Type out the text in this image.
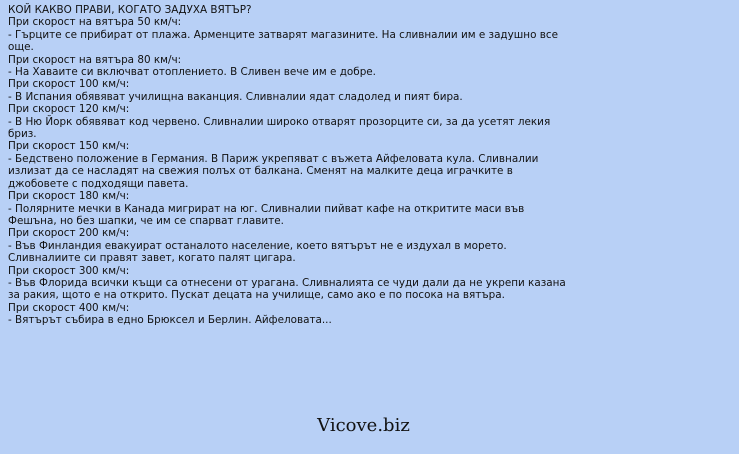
КОЙ КАКВО ПРАВИ, КОГАТО ЗАДУХА ВЯТЪР?
При скорост на вятъра 50 км/ч:
- Гърците се прибират от плажа. Арменците затварят магазините. На сливналии им е задушно все още.
При скорост на вятъра 80 км/ч:
- На Хаваите си включват отоплението. В Сливен вече им е добре.
При скорост 100 км/ч:
- В Испания обявяват училищна ваканция. Сливналии ядат сладолед и пият бира.
При скорост 120 км/ч:
- В Ню Йорк обявяват код червено. Сливналии широко отварят прозорците си, за да усетят лекия бриз.
При скорост 150 км/ч:
- Бедствено положение в Германия. В Париж укрепяват с въжета Айфеловата кула. Сливналии излизат да се насладят на свежия полъх от балкана. Сменят на малките деца играчките в джобовете с подходящи павета.
При скорост 180 км/ч:
- Полярните мечки в Канада мигрират на юг. Сливналии пийват кафе на откритите маси във Фешъна, но без шапки, че им се спарват главите.
При скорост 200 км/ч:
- Във Финландия евакуират останалото население, което вятърът не е издухал в морето. Сливналиите си правят завет, когато палят цигара.
При скорост 300 км/ч:
- Във Флорида всички къщи са отнесени от урагана. Сливналията се чуди дали да не укрепи казана за ракия, щото е на открито. Пускат децата на училище, само ако е по посока на вятъра.
При скорост 400 км/ч:
- Вятърът събира в едно Брюксел и Берлин. Айфеловата...
Vicove.biz
